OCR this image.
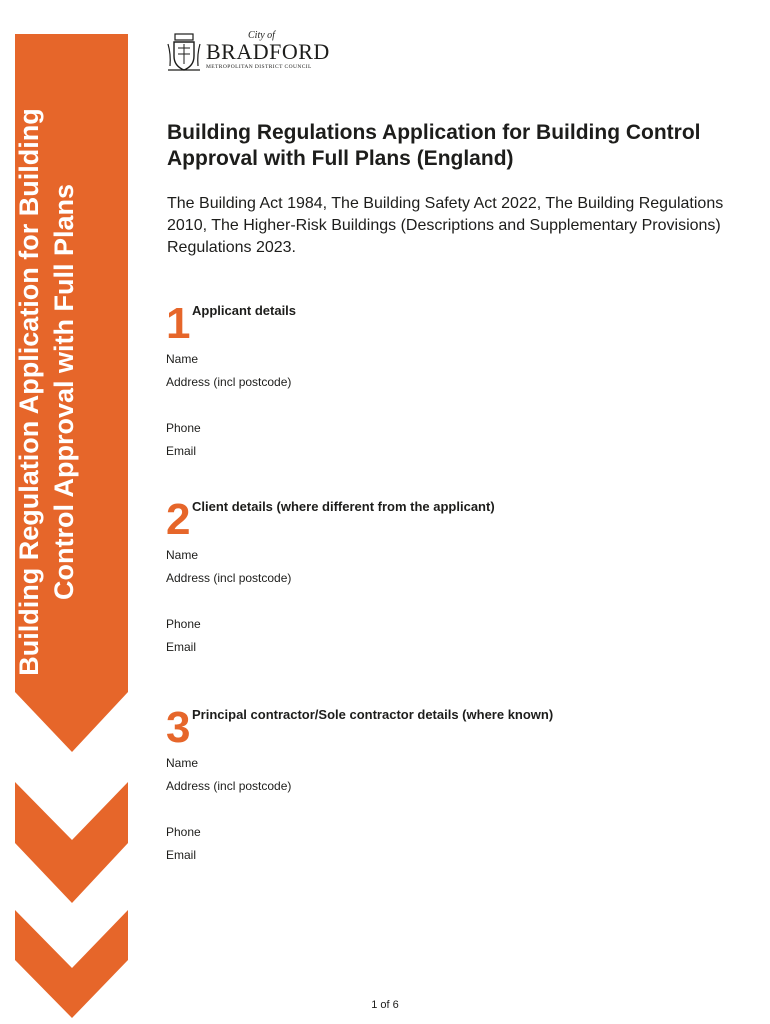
Building Regulation Application for Building Control Approval with Full Plans
City of
BRADFORD
METROPOLITAN DISTRICT COUNCIL
Building Regulations Application for Building Control Approval with Full Plans (England)
The Building Act 1984, The Building Safety Act 2022, The Building Regulations 2010, The Higher-Risk Buildings (Descriptions and Supplementary Provisions) Regulations 2023.
1 Applicant details
Name
Address (incl postcode)
Phone
Email
2 Client details (where different from the applicant)
Name
Address (incl postcode)
Phone
Email
3 Principal contractor/Sole contractor details (where known)
Name
Address (incl postcode)
Phone
Email
1 of 6
